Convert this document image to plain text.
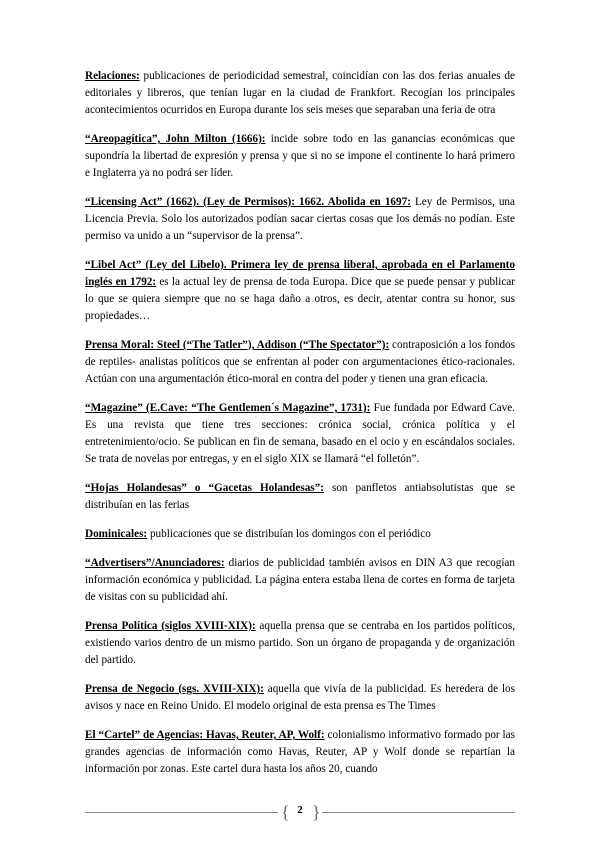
Relaciones: publicaciones de periodicidad semestral, coincidían con las dos ferias anuales de editoriales y libreros, que tenían lugar en la ciudad de Frankfort. Recogían los principales acontecimientos ocurridos en Europa durante los seis meses que separaban una feria de otra

“Areopagítica”, John Milton (1666): incide sobre todo en las ganancias económicas que supondría la libertad de expresión y prensa y que si no se impone el continente lo hará primero e Inglaterra ya no podrá ser líder.

“Licensing Act” (1662). (Ley de Permisos): 1662. Abolida en 1697: Ley de Permisos, una Licencia Previa. Solo los autorizados podían sacar ciertas cosas que los demás no podían. Este permiso va unido a un “supervisor de la prensa”.

“Libel Act” (Ley del Libelo). Primera ley de prensa liberal, aprobada en el Parlamento inglés en 1792: es la actual ley de prensa de toda Europa. Dice que se puede pensar y publicar lo que se quiera siempre que no se haga daño a otros, es decir, atentar contra su honor, sus propiedades…

Prensa Moral: Steel (“The Tatler”), Addison (“The Spectator”): contraposición a los fondos de reptiles- analistas políticos que se enfrentan al poder con argumentaciones ético-racionales. Actúan con una argumentación ético-moral en contra del poder y tienen una gran eficacia.

“Magazine” (E.Cave: “The Gentlemen´s Magazine”, 1731): Fue fundada por Edward Cave. Es una revista que tiene tres secciones: crónica social, crónica política y el entretenimiento/ocio. Se publican en fin de semana, basado en el ocio y en escándalos sociales. Se trata de novelas por entregas, y en el siglo XIX se llamará “el folletón”.

“Hojas Holandesas” o “Gacetas Holandesas”: son panfletos antiabsolutistas que se distribuían en las ferias

Dominicales: publicaciones que se distribuían los domingos con el periódico

“Advertisers”/Anunciadores: diarios de publicidad también avisos en DIN A3 que recogían información económica y publicidad. La página entera estaba llena de cortes en forma de tarjeta de visitas con su publicidad ahí.

Prensa Política (siglos XVIII-XIX): aquella prensa que se centraba en los partidos políticos, existiendo varios dentro de un mismo partido. Son un órgano de propaganda y de organización del partido.

Prensa de Negocio (sgs. XVIII-XIX): aquella que vivía de la publicidad. Es heredera de los avisos y nace en Reino Unido. El modelo original de esta prensa es The Times

El “Cartel” de Agencias: Havas, Reuter, AP, Wolf: colonialismo informativo formado por las grandes agencias de información como Havas, Reuter, AP y Wolf donde se repartían la información por zonas. Este cartel dura hasta los años 20, cuando

{ 2 }
